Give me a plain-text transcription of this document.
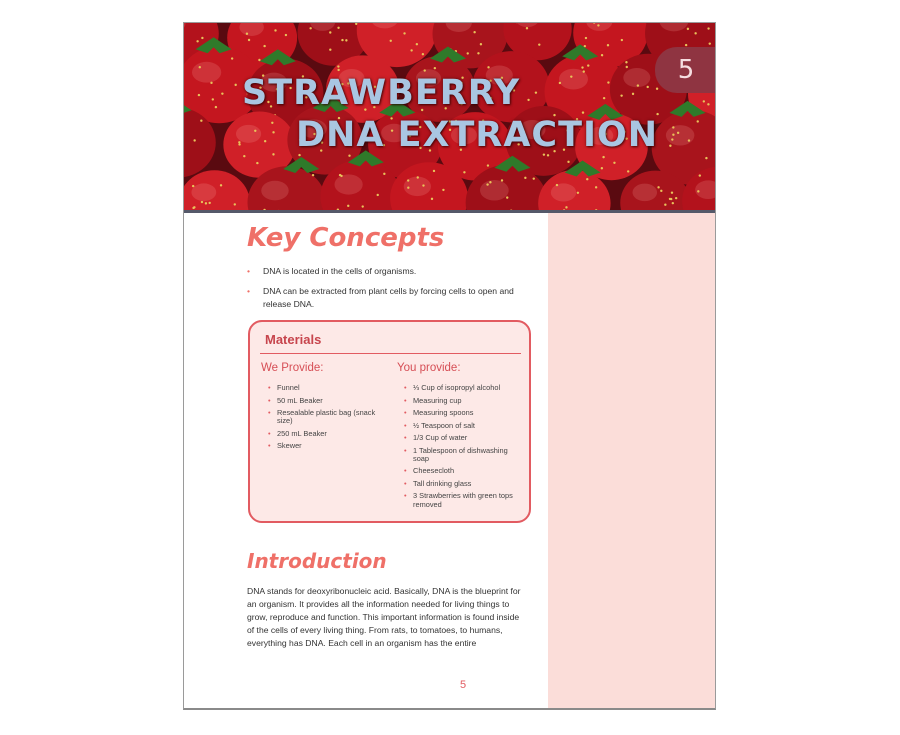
STRAWBERRY
DNA EXTRACTION
5
Key Concepts
• DNA is located in the cells of organisms.
• DNA can be extracted from plant cells by forcing cells to open and release DNA.
Materials
We Provide:	You provide:
• Funnel
• 50 mL Beaker
• Resealable plastic bag (snack size)
• 250 mL Beaker
• Skewer
• ⅓ Cup of isopropyl alcohol
• Measuring cup
• Measuring spoons
• ½ Teaspoon of salt
• 1/3 Cup of water
• 1 Tablespoon of dishwashing soap
• Cheesecloth
• Tall drinking glass
• 3 Strawberries with green tops removed
Introduction
DNA stands for deoxyribonucleic acid. Basically, DNA is the blueprint for an organism. It provides all the information needed for living things to grow, reproduce and function. This important information is found inside of the cells of every living thing. From rats, to tomatoes, to humans, everything has DNA. Each cell in an organism has the entire
5
